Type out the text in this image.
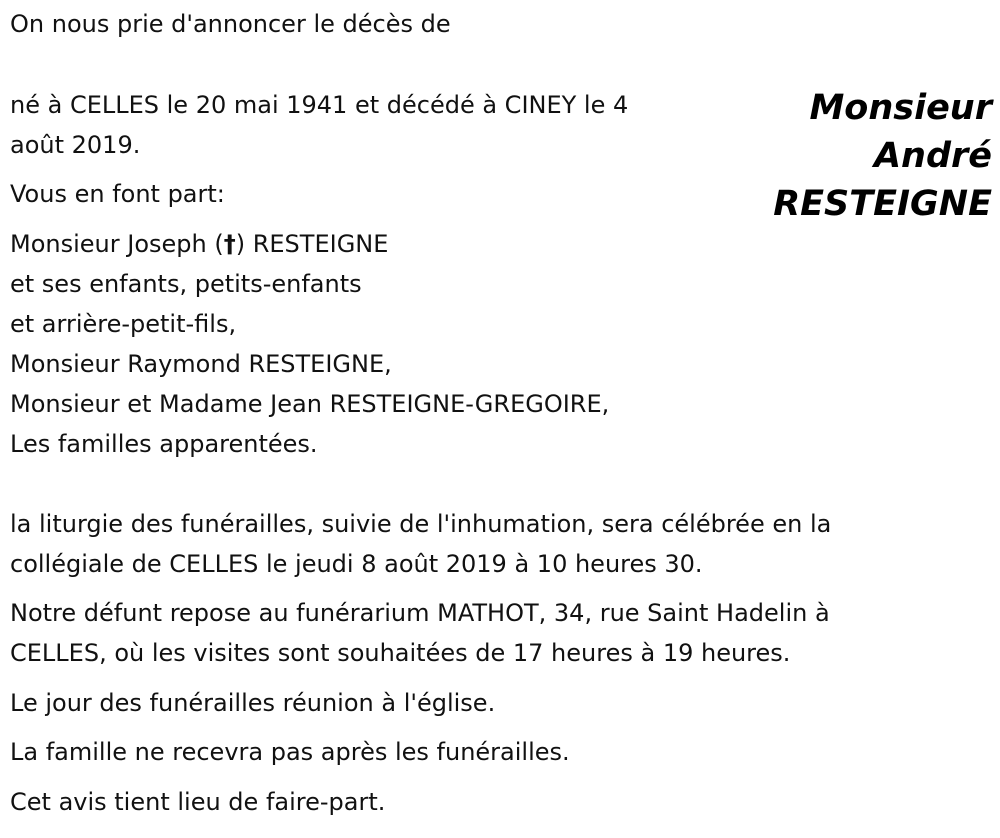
On nous prie d'annoncer le décès de

Monsieur
André
RESTEIGNE

né à CELLES le 20 mai 1941 et décédé à CINEY le 4

août 2019.

Vous en font part:

Monsieur Joseph (†) RESTEIGNE

et ses enfants, petits-enfants

et arrière-petit-fils,

Monsieur Raymond RESTEIGNE,

Monsieur et Madame Jean RESTEIGNE-GREGOIRE,

Les familles apparentées.

la liturgie des funérailles, suivie de l'inhumation, sera célébrée en la

collégiale de CELLES le jeudi 8 août 2019 à 10 heures 30.

Notre défunt repose au funérarium MATHOT, 34, rue Saint Hadelin à

CELLES, où les visites sont souhaitées de 17 heures à 19 heures.

Le jour des funérailles réunion à l'église.

La famille ne recevra pas après les funérailles.

Cet avis tient lieu de faire-part.
